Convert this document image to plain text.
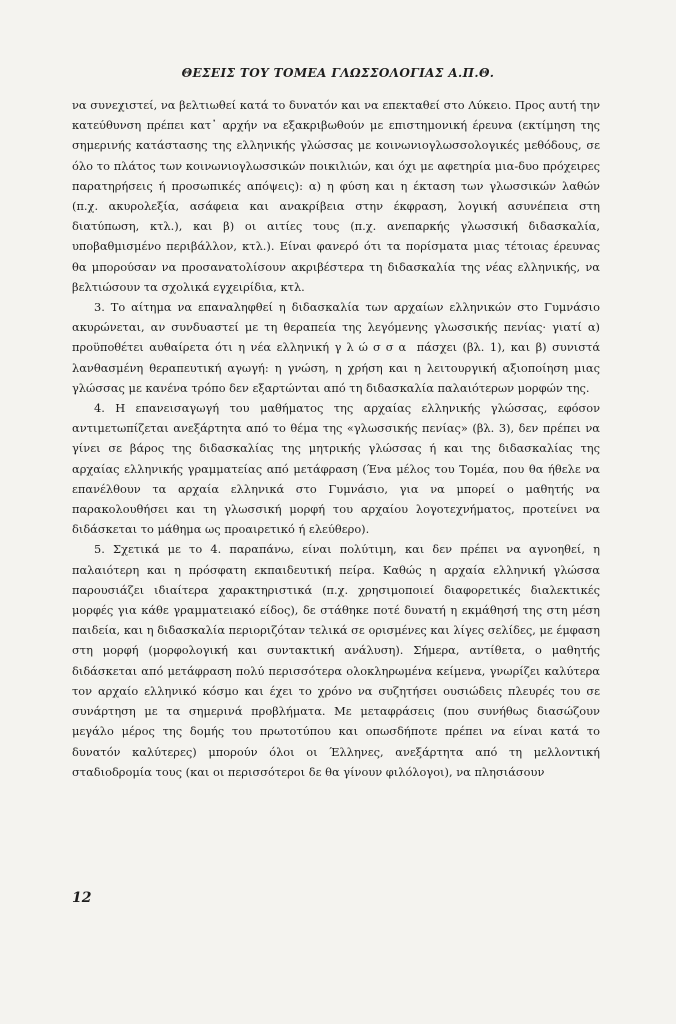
ΘΕΣΕΙΣ ΤΟΥ ΤΟΜΕΑ ΓΛΩΣΣΟΛΟΓΙΑΣ Α.Π.Θ.

να συνεχιστεί, να βελτιωθεί κατά το δυνατόν και να επεκταθεί στο Λύκειο. Προς αυτή την κατεύθυνση πρέπει κατ᾽ αρχήν να εξακριβωθούν με επιστημονική έρευνα (εκτίμηση της σημερινής κατάστασης της ελληνικής γλώσσας με κοινωνιογλωσσολογικές μεθόδους, σε όλο το πλάτος των κοινωνιογλωσσικών ποικιλιών, και όχι με αφετηρία μια-δυο πρόχειρες παρατηρήσεις ή προσωπικές απόψεις): α) η φύση και η έκταση των γλωσσικών λαθών (π.χ. ακυρολεξία, ασάφεια και ανακρίβεια στην έκφραση, λογική ασυνέπεια στη διατύπωση, κτλ.), και β) οι αιτίες τους (π.χ. ανεπαρκής γλωσσική διδασκαλία, υποβαθμισμένο περιβάλλον, κτλ.). Είναι φανερό ότι τα πορίσματα μιας τέτοιας έρευνας θα μπορούσαν να προσανατολίσουν ακριβέστερα τη διδασκαλία της νέας ελληνικής, να βελτιώσουν τα σχολικά εγχειρίδια, κτλ.

3. Το αίτημα να επαναληφθεί η διδασκαλία των αρχαίων ελληνικών στο Γυμνάσιο ακυρώνεται, αν συνδυαστεί με τη θεραπεία της λεγόμενης γλωσσικής πενίας· γιατί α) προϋποθέτει αυθαίρετα ότι η νέα ελληνική γλώσσα πάσχει (βλ. 1), και β) συνιστά λανθασμένη θεραπευτική αγωγή: η γνώση, η χρήση και η λειτουργική αξιοποίηση μιας γλώσσας με κανένα τρόπο δεν εξαρτώνται από τη διδασκαλία παλαιότερων μορφών της.

4. Η επανεισαγωγή του μαθήματος της αρχαίας ελληνικής γλώσσας, εφόσον αντιμετωπίζεται ανεξάρτητα από το θέμα της «γλωσσικής πενίας» (βλ. 3), δεν πρέπει να γίνει σε βάρος της διδασκαλίας της μητρικής γλώσσας ή και της διδασκαλίας της αρχαίας ελληνικής γραμματείας από μετάφραση (Ένα μέλος του Τομέα, που θα ήθελε να επανέλθουν τα αρχαία ελληνικά στο Γυμνάσιο, για να μπορεί ο μαθητής να παρακολουθήσει και τη γλωσσική μορφή του αρχαίου λογοτεχνήματος, προτείνει να διδάσκεται το μάθημα ως προαιρετικό ή ελεύθερο).

5. Σχετικά με το 4. παραπάνω, είναι πολύτιμη, και δεν πρέπει να αγνοηθεί, η παλαιότερη και η πρόσφατη εκπαιδευτική πείρα. Καθώς η αρχαία ελληνική γλώσσα παρουσιάζει ιδιαίτερα χαρακτηριστικά (π.χ. χρησιμοποιεί διαφορετικές διαλεκτικές μορφές για κάθε γραμματειακό είδος), δε στάθηκε ποτέ δυνατή η εκμάθησή της στη μέση παιδεία, και η διδασκαλία περιοριζόταν τελικά σε ορισμένες και λίγες σελίδες, με έμφαση στη μορφή (μορφολογική και συντακτική ανάλυση). Σήμερα, αντίθετα, ο μαθητής διδάσκεται από μετάφραση πολύ περισσότερα ολοκληρωμένα κείμενα, γνωρίζει καλύτερα τον αρχαίο ελληνικό κόσμο και έχει το χρόνο να συζητήσει ουσιώδεις πλευρές του σε συνάρτηση με τα σημερινά προβλήματα. Με μεταφράσεις (που συνήθως διασώζουν μεγάλο μέρος της δομής του πρωτοτύπου και οπωσδήποτε πρέπει να είναι κατά το δυνατόν καλύτερες) μπορούν όλοι οι Έλληνες, ανεξάρτητα από τη μελλοντική σταδιοδρομία τους (και οι περισσότεροι δε θα γίνουν φιλόλογοι), να πλησιάσουν

12
